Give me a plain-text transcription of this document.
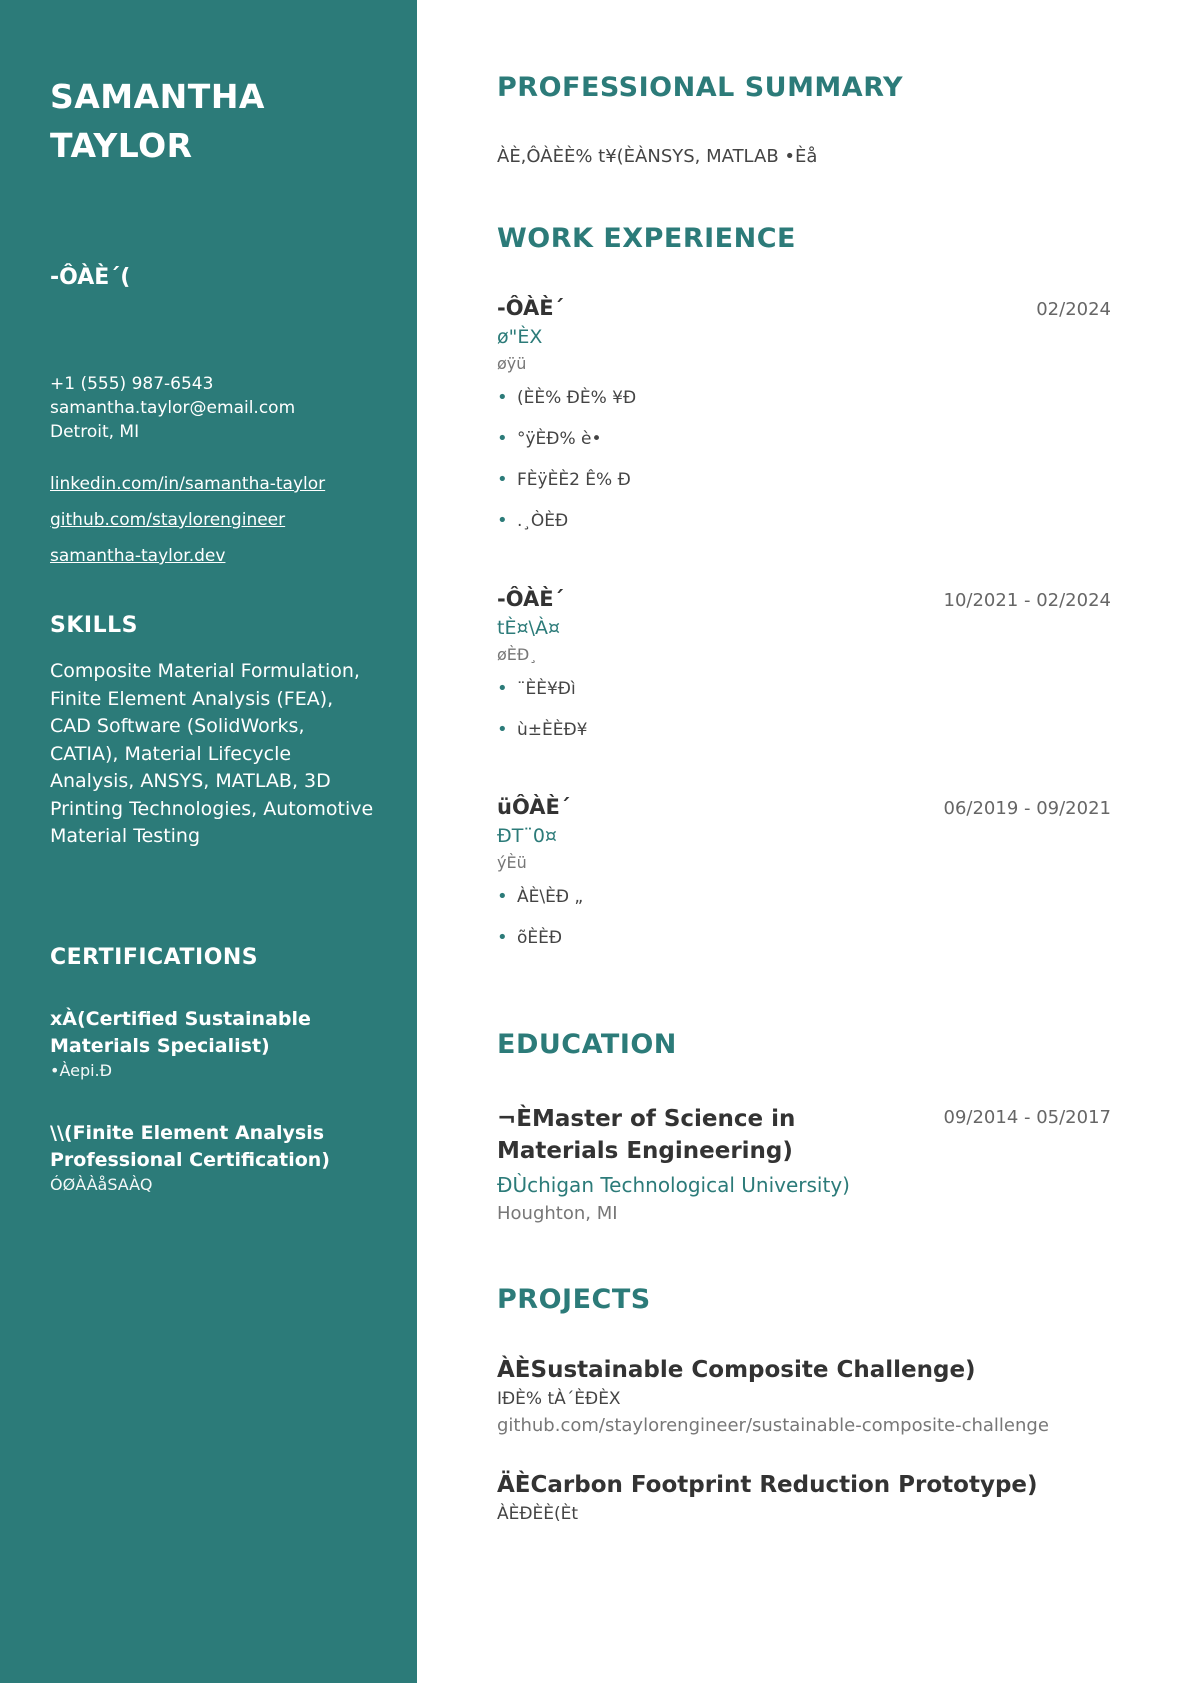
SAMANTHA
TAYLOR
-ÔÀÈ´(
+1 (555) 987-6543
samantha.taylor@email.com
Detroit, MI
linkedin.com/in/samantha-taylor
github.com/staylorengineer
samantha-taylor.dev
SKILLS
Composite Material Formulation, Finite Element Analysis (FEA), CAD Software (SolidWorks, CATIA), Material Lifecycle Analysis, ANSYS, MATLAB, 3D Printing Technologies, Automotive Material Testing
CERTIFICATIONS
xÀ(Certified Sustainable Materials Specialist)
•Àepi.Ð
\\(Finite Element Analysis Professional Certification)
ÓØÀÀåSAÀQ
PROFESSIONAL SUMMARY
ÀÈ,ÔÀÈÈ% t¥(ÈÀNSYS, MATLAB •Èå
WORK EXPERIENCE
-ÔÀÈ´	02/2024
ø"ÈX
øÿü
• (ÈÈ% ÐÈ% ¥Ð
• °ÿÈÐ% è•
• FÈÿÈÈ2 Ê% Ð
• .¸ÒÈÐ
-ÔÀÈ´	10/2021 - 02/2024
tÈ¤\À¤
øÈÐ¸
• ¨ÈÈ¥Ðì
• ù±ÈÈÐ¥
üÔÀÈ´	06/2019 - 09/2021
ÐT¨0¤
ýÈü
• ÀÈ\ÈÐ „
• õÈÈÐ
EDUCATION
¬ÈMaster of Science in Materials Engineering)
09/2014 - 05/2017
ÐÙchigan Technological University)
Houghton, MI
PROJECTS
ÀÈSustainable Composite Challenge)
IÐÈ% tÀ´ÈÐÈX
github.com/staylorengineer/sustainable-composite-challenge
ÄÈCarbon Footprint Reduction Prototype)
ÀÈÐÈÈ(Èt
